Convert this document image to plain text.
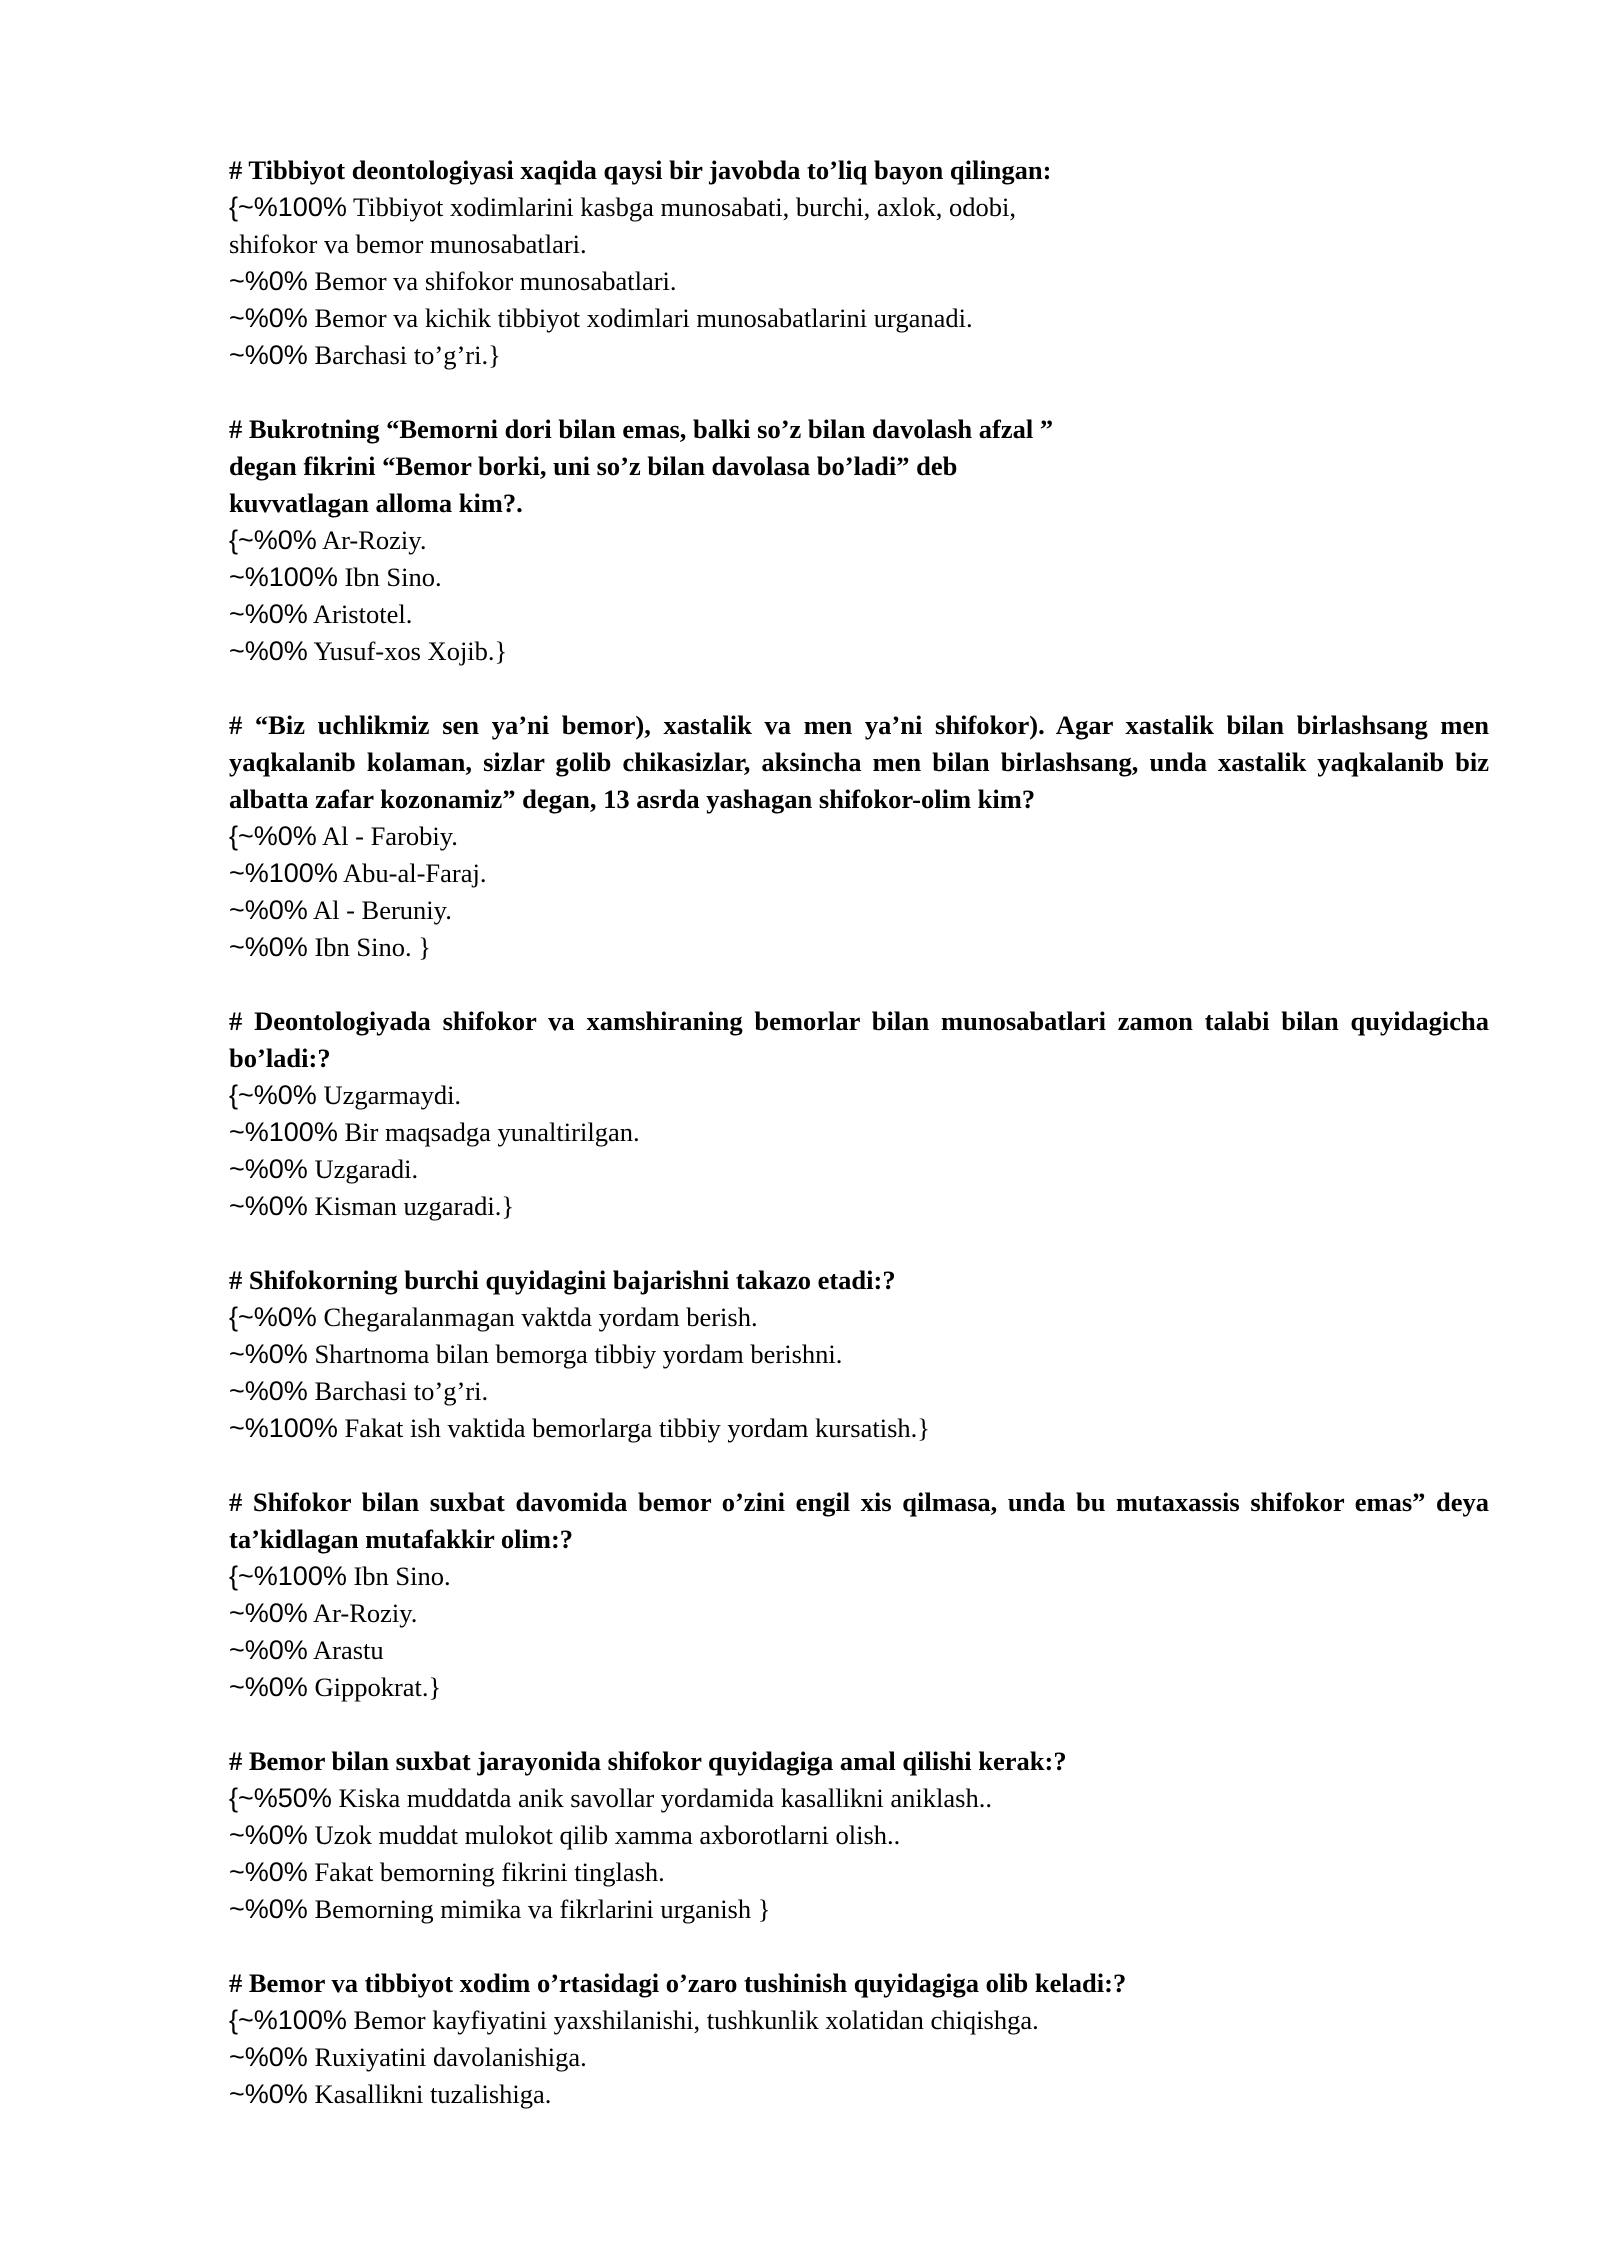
# Tibbiyot deontologiyasi xaqida qaysi bir javobda to’liq bayon qilingan:
{~%100% Tibbiyot xodimlarini kasbga munosabati, burchi, axlok, odobi,
shifokor va bemor munosabatlari.
~%0% Bemor va shifokor munosabatlari.
~%0% Bemor va kichik tibbiyot xodimlari munosabatlarini urganadi.
~%0% Barchasi to’g’ri.}
# Bukrotning “Bemorni dori bilan emas, balki so’z bilan davolash afzal ”
degan fikrini “Bemor borki, uni so’z bilan davolasa bo’ladi” deb
kuvvatlagan alloma kim?.
{~%0% Ar-Roziy.
~%100% Ibn Sino.
~%0% Aristotel.
~%0% Yusuf-xos Xojib.}
# “Biz uchlikmiz sen ya’ni bemor), xastalik va men ya’ni shifokor). Agar xastalik bilan birlashsang men yaqkalanib kolaman, sizlar golib chikasizlar, aksincha men bilan birlashsang, unda xastalik yaqkalanib biz albatta zafar kozonamiz” degan, 13 asrda yashagan shifokor-olim kim?
{~%0% Al - Farobiy.
~%100% Abu-al-Faraj.
~%0% Al - Beruniy.
~%0% Ibn Sino. }
# Deontologiyada shifokor va xamshiraning bemorlar bilan munosabatlari zamon talabi bilan quyidagicha bo’ladi:?
{~%0% Uzgarmaydi.
~%100% Bir maqsadga yunaltirilgan.
~%0% Uzgaradi.
~%0% Kisman uzgaradi.}
# Shifokorning burchi quyidagini bajarishni takazo etadi:?
{~%0% Chegaralanmagan vaktda yordam berish.
~%0% Shartnoma bilan bemorga tibbiy yordam berishni.
~%0% Barchasi to’g’ri.
~%100% Fakat ish vaktida bemorlarga tibbiy yordam kursatish.}
# Shifokor bilan suxbat davomida bemor o’zini engil xis qilmasa, unda bu mutaxassis shifokor emas” deya ta’kidlagan mutafakkir olim:?
{~%100% Ibn Sino.
~%0% Ar-Roziy.
~%0% Arastu
~%0% Gippokrat.}
# Bemor bilan suxbat jarayonida shifokor quyidagiga amal qilishi kerak:?
{~%50% Kiska muddatda anik savollar yordamida kasallikni aniklash..
~%0% Uzok muddat mulokot qilib xamma axborotlarni olish..
~%0% Fakat bemorning fikrini tinglash.
~%0% Bemorning mimika va fikrlarini urganish }
# Bemor va tibbiyot xodim o’rtasidagi o’zaro tushinish quyidagiga olib keladi:?
{~%100% Bemor kayfiyatini yaxshilanishi, tushkunlik xolatidan chiqishga.
~%0% Ruxiyatini davolanishiga.
~%0% Kasallikni tuzalishiga.
